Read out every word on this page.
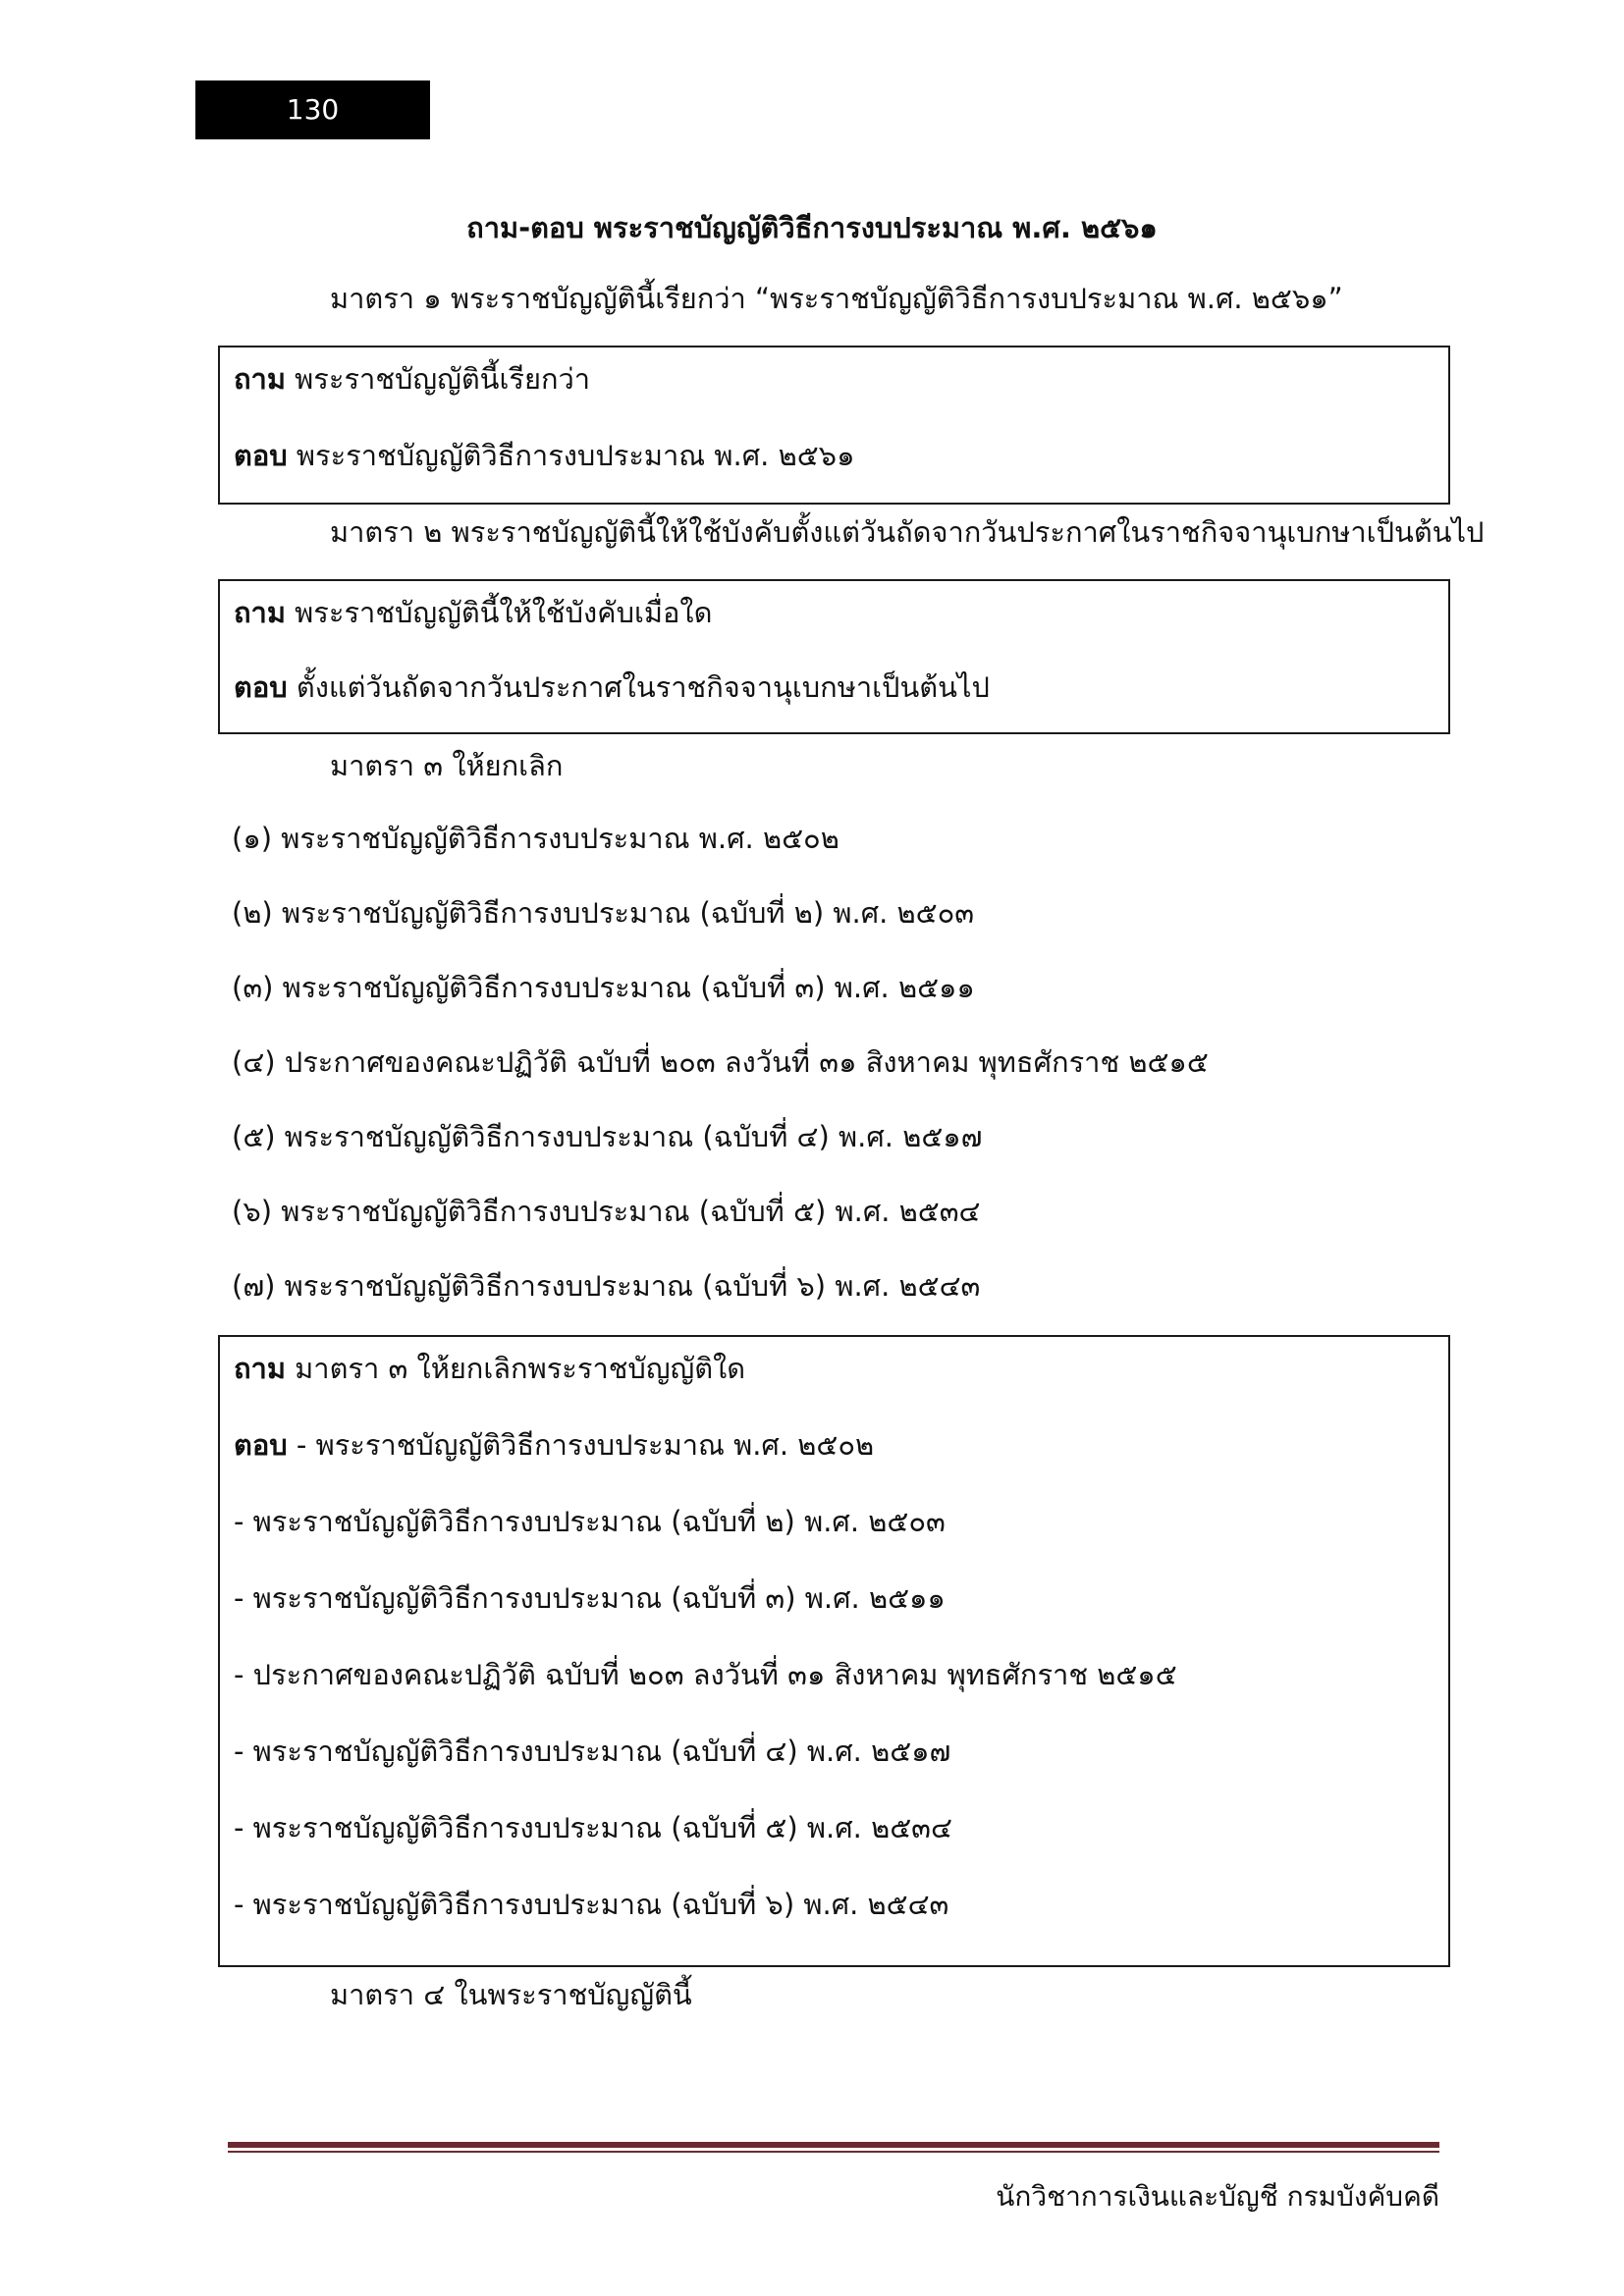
130
ถาม-ตอบ พระราชบัญญัติวิธีการงบประมาณ พ.ศ. ๒๕๖๑
มาตรา ๑ พระราชบัญญัตินี้เรียกว่า “พระราชบัญญัติวิธีการงบประมาณ พ.ศ. ๒๕๖๑”
ถาม พระราชบัญญัตินี้เรียกว่า
ตอบ พระราชบัญญัติวิธีการงบประมาณ พ.ศ. ๒๕๖๑
มาตรา ๒ พระราชบัญญัตินี้ให้ใช้บังคับตั้งแต่วันถัดจากวันประกาศในราชกิจจานุเบกษาเป็นต้นไป
ถาม พระราชบัญญัตินี้ให้ใช้บังคับเมื่อใด
ตอบ ตั้งแต่วันถัดจากวันประกาศในราชกิจจานุเบกษาเป็นต้นไป
มาตรา ๓ ให้ยกเลิก
(๑) พระราชบัญญัติวิธีการงบประมาณ พ.ศ. ๒๕๐๒
(๒) พระราชบัญญัติวิธีการงบประมาณ (ฉบับที่ ๒) พ.ศ. ๒๕๐๓
(๓) พระราชบัญญัติวิธีการงบประมาณ (ฉบับที่ ๓) พ.ศ. ๒๕๑๑
(๔) ประกาศของคณะปฏิวัติ ฉบับที่ ๒๐๓ ลงวันที่ ๓๑ สิงหาคม พุทธศักราช ๒๕๑๕
(๕) พระราชบัญญัติวิธีการงบประมาณ (ฉบับที่ ๔) พ.ศ. ๒๕๑๗
(๖) พระราชบัญญัติวิธีการงบประมาณ (ฉบับที่ ๕) พ.ศ. ๒๕๓๔
(๗) พระราชบัญญัติวิธีการงบประมาณ (ฉบับที่ ๖) พ.ศ. ๒๕๔๓
ถาม มาตรา ๓ ให้ยกเลิกพระราชบัญญัติใด
ตอบ - พระราชบัญญัติวิธีการงบประมาณ พ.ศ. ๒๕๐๒
- พระราชบัญญัติวิธีการงบประมาณ (ฉบับที่ ๒) พ.ศ. ๒๕๐๓
- พระราชบัญญัติวิธีการงบประมาณ (ฉบับที่ ๓) พ.ศ. ๒๕๑๑
- ประกาศของคณะปฏิวัติ ฉบับที่ ๒๐๓ ลงวันที่ ๓๑ สิงหาคม พุทธศักราช ๒๕๑๕
- พระราชบัญญัติวิธีการงบประมาณ (ฉบับที่ ๔) พ.ศ. ๒๕๑๗
- พระราชบัญญัติวิธีการงบประมาณ (ฉบับที่ ๕) พ.ศ. ๒๕๓๔
- พระราชบัญญัติวิธีการงบประมาณ (ฉบับที่ ๖) พ.ศ. ๒๕๔๓
มาตรา ๔ ในพระราชบัญญัตินี้
นักวิชาการเงินและบัญชี กรมบังคับคดี
